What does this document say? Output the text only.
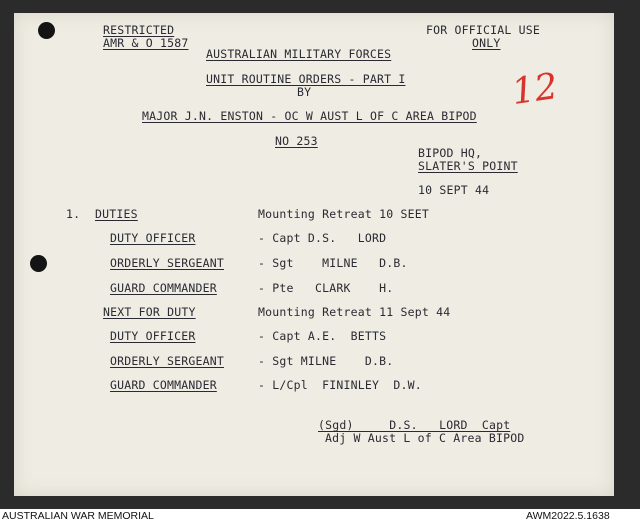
RESTRICTED
AMR & O 1587
FOR OFFICIAL USE
ONLY
AUSTRALIAN MILITARY FORCES
UNIT ROUTINE ORDERS - PART I
BY
MAJOR J.N. ENSTON - OC W AUST L OF C AREA BIPOD
NO 253
12
BIPOD HQ,
SLATER'S POINT
10 SEPT 44
1. DUTIES	Mounting Retreat 10 SEET
DUTY OFFICER	- Capt D.S.   LORD
ORDERLY SERGEANT	- Sgt    MILNE   D.B.
GUARD COMMANDER	- Pte   CLARK    H.
NEXT FOR DUTY	Mounting Retreat 11 Sept 44
DUTY OFFICER	- Capt A.E.  BETTS
ORDERLY SERGEANT	- Sgt MILNE    D.B.
GUARD COMMANDER	- L/Cpl  FININLEY  D.W.
(Sgd)     D.S.   LORD  Capt
Adj W Aust L of C Area BIPOD
AUSTRALIAN WAR MEMORIAL	AWM2022.5.1638
